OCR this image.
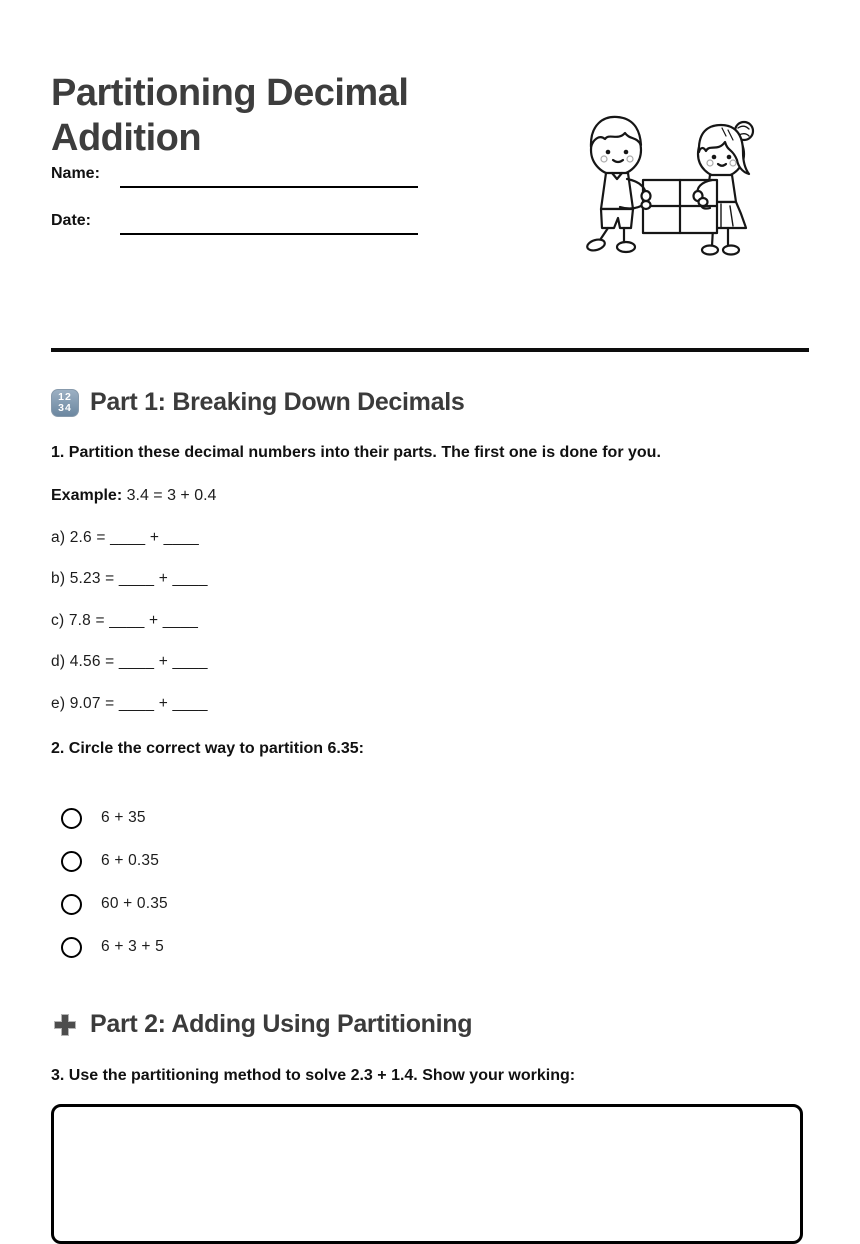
Partitioning Decimal Addition
Name:
Date:
12
34 Part 1: Breaking Down Decimals
1. Partition these decimal numbers into their parts. The first one is done for you.
Example: 3.4 = 3 + 0.4
a) 2.6 = ____ + ____
b) 5.23 = ____ + ____
c) 7.8 = ____ + ____
d) 4.56 = ____ + ____
e) 9.07 = ____ + ____
2. Circle the correct way to partition 6.35:
6 + 35
6 + 0.35
60 + 0.35
6 + 3 + 5
Part 2: Adding Using Partitioning
3. Use the partitioning method to solve 2.3 + 1.4. Show your working:
